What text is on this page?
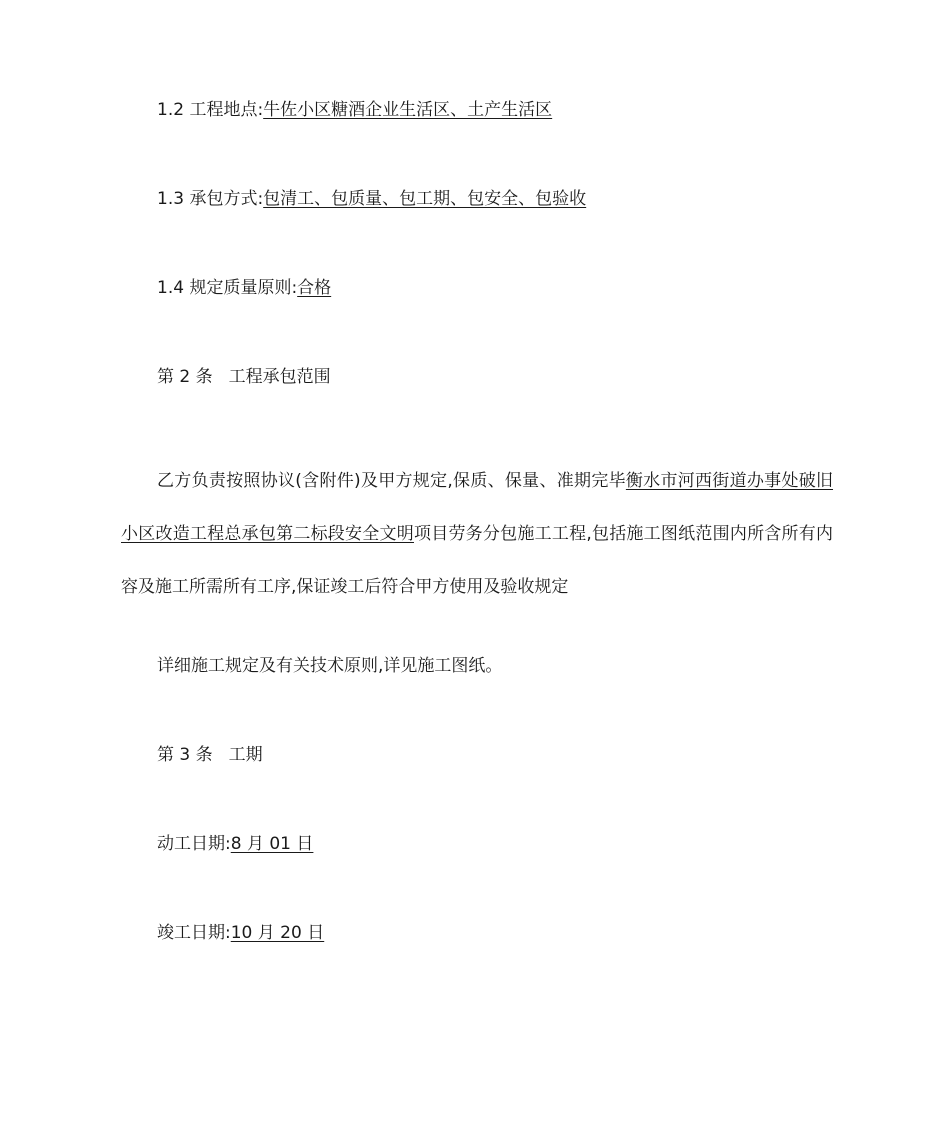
1.2 工程地点:牛佐小区糖酒企业生活区、土产生活区
1.3 承包方式:包清工、包质量、包工期、包安全、包验收
1.4 规定质量原则:合格
第 2 条 工程承包范围
乙方负责按照协议(含附件)及甲方规定,保质、保量、准期完毕衡水市河西街道办事处破旧小区改造工程总承包第二标段安全文明项目劳务分包施工工程,包括施工图纸范围内所含所有内容及施工所需所有工序,保证竣工后符合甲方使用及验收规定
详细施工规定及有关技术原则,详见施工图纸。
第 3 条 工期
动工日期:8 月 01 日
竣工日期:10 月 20 日
